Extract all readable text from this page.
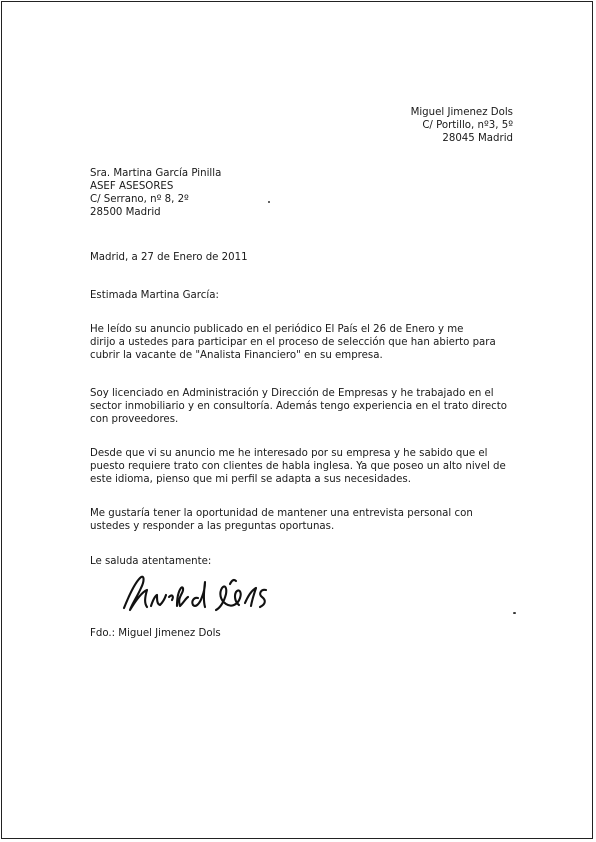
Miguel Jimenez Dols
C/ Portillo, nº3, 5º
28045 Madrid
Sra. Martina García Pinilla
ASEF ASESORES
C/ Serrano, nº 8, 2º
28500 Madrid
Madrid, a 27 de Enero de 2011
Estimada Martina García:
He leído su anuncio publicado en el periódico El País el 26 de Enero y me
dirijo a ustedes para participar en el proceso de selección que han abierto para
cubrir la vacante de "Analista Financiero" en su empresa.
Soy licenciado en Administración y Dirección de Empresas y he trabajado en el
sector inmobiliario y en consultoría. Además tengo experiencia en el trato directo
con proveedores.
Desde que vi su anuncio me he interesado por su empresa y he sabido que el
puesto requiere trato con clientes de habla inglesa. Ya que poseo un alto nivel de
este idioma, pienso que mi perfil se adapta a sus necesidades.
Me gustaría tener la oportunidad de mantener una entrevista personal con
ustedes y responder a las preguntas oportunas.
Le saluda atentamente:
Fdo.: Miguel Jimenez Dols
